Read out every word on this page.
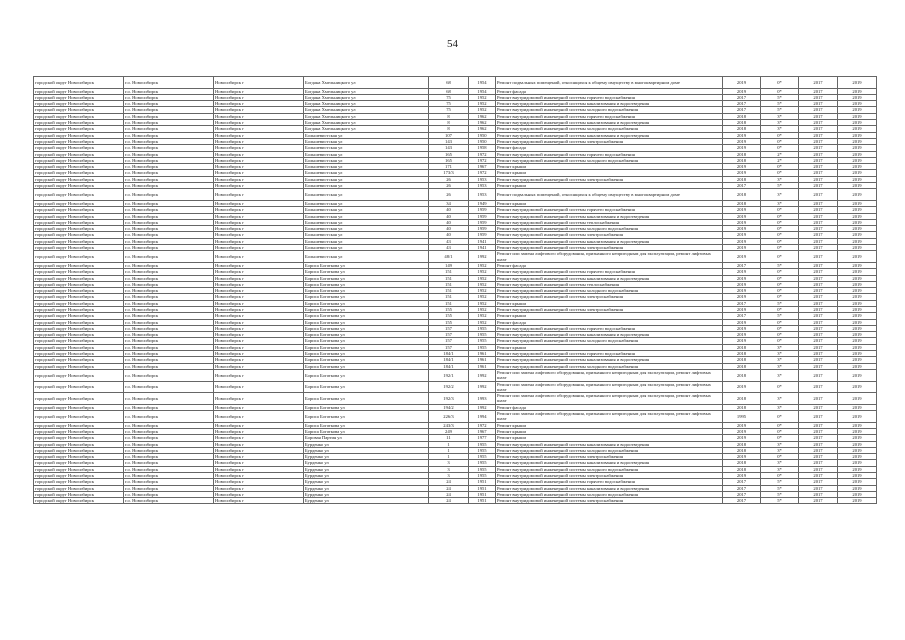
54
городской округ Новосибирск	г.о. Новосибирск	Новосибирск г	Богдана Хмельницкого ул	68	1954	Ремонт подвальных помещений, относящихся к общему имуществу в многоквартирном доме	2019	0*	2017	2019
городской округ Новосибирск	г.о. Новосибирск	Новосибирск г	Богдана Хмельницкого ул	68	1954	Ремонт фасада	2019	0*	2017	2019
городской округ Новосибирск	г.о. Новосибирск	Новосибирск г	Богдана Хмельницкого ул	75	1952	Ремонт внутридомовой инженерной системы горячего водоснабжения	2017	5*	2017	2019
городской округ Новосибирск	г.о. Новосибирск	Новосибирск г	Богдана Хмельницкого ул	75	1952	Ремонт внутридомовой инженерной системы канализования и водоотведения	2017	5*	2017	2019
городской округ Новосибирск	г.о. Новосибирск	Новосибирск г	Богдана Хмельницкого ул	75	1952	Ремонт внутридомовой инженерной системы холодного водоснабжения	2017	5*	2017	2019
городской округ Новосибирск	г.о. Новосибирск	Новосибирск г	Богдана Хмельницкого ул	8	1962	Ремонт внутридомовой инженерной системы горячего водоснабжения	2018	3*	2017	2019
городской округ Новосибирск	г.о. Новосибирск	Новосибирск г	Богдана Хмельницкого ул	8	1962	Ремонт внутридомовой инженерной системы канализования и водоотведения	2018	3*	2017	2019
городской округ Новосибирск	г.о. Новосибирск	Новосибирск г	Богдана Хмельницкого ул	8	1962	Ремонт внутридомовой инженерной системы холодного водоснабжения	2018	3*	2017	2019
городской округ Новосибирск	г.о. Новосибирск	Новосибирск г	Большевистская ул	107	1950	Ремонт внутридомовой инженерной системы канализования и водоотведения	2019	0*	2017	2019
городской округ Новосибирск	г.о. Новосибирск	Новосибирск г	Большевистская ул	143	1950	Ремонт внутридомовой инженерной системы электроснабжения	2019	0*	2017	2019
городской округ Новосибирск	г.о. Новосибирск	Новосибирск г	Большевистская ул	143	1958	Ремонт фасада	2019	0*	2017	2019
городской округ Новосибирск	г.о. Новосибирск	Новосибирск г	Большевистская ул	165	1972	Ремонт внутридомовой инженерной системы горячего водоснабжения	2018	2*	2017	2019
городской округ Новосибирск	г.о. Новосибирск	Новосибирск г	Большевистская ул	165	1972	Ремонт внутридомовой инженерной системы холодного водоснабжения	2018	2*	2017	2019
городской округ Новосибирск	г.о. Новосибирск	Новосибирск г	Большевистская ул	171	1967	Ремонт крыши	2019	0*	2017	2019
городской округ Новосибирск	г.о. Новосибирск	Новосибирск г	Большевистская ул	173/3	1972	Ремонт крыши	2019	0*	2017	2019
городской округ Новосибирск	г.о. Новосибирск	Новосибирск г	Большевистская ул	26	1953	Ремонт внутридомовой инженерной системы электроснабжения	2018	3*	2017	2019
городской округ Новосибирск	г.о. Новосибирск	Новосибирск г	Большевистская ул	26	1953	Ремонт крыши	2017	5*	2017	2019
городской округ Новосибирск	г.о. Новосибирск	Новосибирск г	Большевистская ул	26	1953	Ремонт подвальных помещений, относящихся к общему имуществу в многоквартирном доме	2018	3*	2017	2019
городской округ Новосибирск	г.о. Новосибирск	Новосибирск г	Большевистская ул	34	1949	Ремонт крыши	2018	3*	2017	2019
городской округ Новосибирск	г.о. Новосибирск	Новосибирск г	Большевистская ул	40	1959	Ремонт внутридомовой инженерной системы горячего водоснабжения	2019	0*	2017	2019
городской округ Новосибирск	г.о. Новосибирск	Новосибирск г	Большевистская ул	40	1959	Ремонт внутридомовой инженерной системы канализования и водоотведения	2019	0*	2017	2019
городской округ Новосибирск	г.о. Новосибирск	Новосибирск г	Большевистская ул	40	1959	Ремонт внутридомовой инженерной системы теплоснабжения	2019	0*	2017	2019
городской округ Новосибирск	г.о. Новосибирск	Новосибирск г	Большевистская ул	40	1959	Ремонт внутридомовой инженерной системы холодного водоснабжения	2019	0*	2017	2019
городской округ Новосибирск	г.о. Новосибирск	Новосибирск г	Большевистская ул	40	1959	Ремонт внутридомовой инженерной системы электроснабжения	2019	0*	2017	2019
городской округ Новосибирск	г.о. Новосибирск	Новосибирск г	Большевистская ул	43	1941	Ремонт внутридомовой инженерной системы канализования и водоотведения	2019	0*	2017	2019
городской округ Новосибирск	г.о. Новосибирск	Новосибирск г	Большевистская ул	43	1941	Ремонт внутридомовой инженерной системы электроснабжения	2019	0*	2017	2019
городской округ Новосибирск	г.о. Новосибирск	Новосибирск г	Большевистская ул	48/1	1992	Ремонт или замена лифтового оборудования, признанного непригодным для эксплуатации, ремонт лифтовых шахт	2019	0*	2017	2019
городской округ Новосибирск	г.о. Новосибирск	Новосибирск г	Бориса Богаткова ул	149	1952	Ремонт фасада	2017	5*	2017	2019
городской округ Новосибирск	г.о. Новосибирск	Новосибирск г	Бориса Богаткова ул	151	1952	Ремонт внутридомовой инженерной системы горячего водоснабжения	2019	0*	2017	2019
городской округ Новосибирск	г.о. Новосибирск	Новосибирск г	Бориса Богаткова ул	151	1952	Ремонт внутридомовой инженерной системы канализования и водоотведения	2019	0*	2017	2019
городской округ Новосибирск	г.о. Новосибирск	Новосибирск г	Бориса Богаткова ул	151	1952	Ремонт внутридомовой инженерной системы теплоснабжения	2019	0*	2017	2019
городской округ Новосибирск	г.о. Новосибирск	Новосибирск г	Бориса Богаткова ул	151	1952	Ремонт внутридомовой инженерной системы холодного водоснабжения	2019	0*	2017	2019
городской округ Новосибирск	г.о. Новосибирск	Новосибирск г	Бориса Богаткова ул	151	1952	Ремонт внутридомовой инженерной системы электроснабжения	2019	0*	2017	2019
городской округ Новосибирск	г.о. Новосибирск	Новосибирск г	Бориса Богаткова ул	151	1952	Ремонт крыши	2017	5*	2017	2019
городской округ Новосибирск	г.о. Новосибирск	Новосибирск г	Бориса Богаткова ул	155	1952	Ремонт внутридомовой инженерной системы электроснабжения	2019	0*	2017	2019
городской округ Новосибирск	г.о. Новосибирск	Новосибирск г	Бориса Богаткова ул	155	1952	Ремонт крыши	2017	5*	2017	2019
городской округ Новосибирск	г.о. Новосибирск	Новосибирск г	Бориса Богаткова ул	155	1952	Ремонт фасада	2019	0*	2017	2019
городской округ Новосибирск	г.о. Новосибирск	Новосибирск г	Бориса Богаткова ул	157	1955	Ремонт внутридомовой инженерной системы горячего водоснабжения	2019	0*	2017	2019
городской округ Новосибирск	г.о. Новосибирск	Новосибирск г	Бориса Богаткова ул	157	1955	Ремонт внутридомовой инженерной системы канализования и водоотведения	2019	0*	2017	2019
городской округ Новосибирск	г.о. Новосибирск	Новосибирск г	Бориса Богаткова ул	157	1955	Ремонт внутридомовой инженерной системы холодного водоснабжения	2019	0*	2017	2019
городской округ Новосибирск	г.о. Новосибирск	Новосибирск г	Бориса Богаткова ул	157	1955	Ремонт крыши	2018	3*	2017	2019
городской округ Новосибирск	г.о. Новосибирск	Новосибирск г	Бориса Богаткова ул	184/1	1961	Ремонт внутридомовой инженерной системы горячего водоснабжения	2018	3*	2017	2019
городской округ Новосибирск	г.о. Новосибирск	Новосибирск г	Бориса Богаткова ул	184/1	1961	Ремонт внутридомовой инженерной системы канализования и водоотведения	2018	3*	2017	2019
городской округ Новосибирск	г.о. Новосибирск	Новосибирск г	Бориса Богаткова ул	184/1	1961	Ремонт внутридомовой инженерной системы холодного водоснабжения	2018	3*	2017	2019
городской округ Новосибирск	г.о. Новосибирск	Новосибирск г	Бориса Богаткова ул	192/1	1992	Ремонт или замена лифтового оборудования, признанного непригодным для эксплуатации, ремонт лифтовых шахт	2018	3*	2017	2019
городской округ Новосибирск	г.о. Новосибирск	Новосибирск г	Бориса Богаткова ул	192/2	1992	Ремонт или замена лифтового оборудования, признанного непригодным для эксплуатации, ремонт лифтовых шахт	2019	0*	2017	2019
городской округ Новосибирск	г.о. Новосибирск	Новосибирск г	Бориса Богаткова ул	192/3	1993	Ремонт или замена лифтового оборудования, признанного непригодным для эксплуатации, ремонт лифтовых шахт	2018	3*	2017	2019
городской округ Новосибирск	г.о. Новосибирск	Новосибирск г	Бориса Богаткова ул	194/2	1992	Ремонт фасада	2018	3*	2017	2019
городской округ Новосибирск	г.о. Новосибирск	Новосибирск г	Бориса Богаткова ул	226/3	1994	Ремонт или замена лифтового оборудования, признанного непригодным для эксплуатации, ремонт лифтовых шахт	1995	0*	2017	2019
городской округ Новосибирск	г.о. Новосибирск	Новосибирск г	Бориса Богаткова ул	243/3	1972	Ремонт крыши	2019	0*	2017	2019
городской округ Новосибирск	г.о. Новосибирск	Новосибирск г	Бориса Богаткова ул	249	1967	Ремонт крыши	2019	0*	2017	2019
городской округ Новосибирск	г.о. Новосибирск	Новосибирск г	Боровая Партия ул	11	1977	Ремонт крыши	2019	0*	2017	2019
городской округ Новосибирск	г.о. Новосибирск	Новосибирск г	Бурденко ул	1	1955	Ремонт внутридомовой инженерной системы канализования и водоотведения	2018	3*	2017	2019
городской округ Новосибирск	г.о. Новосибирск	Новосибирск г	Бурденко ул	1	1955	Ремонт внутридомовой инженерной системы холодного водоснабжения	2018	3*	2017	2019
городской округ Новосибирск	г.о. Новосибирск	Новосибирск г	Бурденко ул	1	1955	Ремонт внутридомовой инженерной системы электроснабжения	2019	0*	2017	2019
городской округ Новосибирск	г.о. Новосибирск	Новосибирск г	Бурденко ул	3	1955	Ремонт внутридомовой инженерной системы канализования и водоотведения	2018	3*	2017	2019
городской округ Новосибирск	г.о. Новосибирск	Новосибирск г	Бурденко ул	3	1955	Ремонт внутридомовой инженерной системы холодного водоснабжения	2018	3*	2017	2019
городской округ Новосибирск	г.о. Новосибирск	Новосибирск г	Бурденко ул	3	1955	Ремонт внутридомовой инженерной системы электроснабжения	2019	0*	2017	2019
городской округ Новосибирск	г.о. Новосибирск	Новосибирск г	Бурденко ул	24	1951	Ремонт внутридомовой инженерной системы горячего водоснабжения	2017	5*	2017	2019
городской округ Новосибирск	г.о. Новосибирск	Новосибирск г	Бурденко ул	24	1951	Ремонт внутридомовой инженерной системы канализования и водоотведения	2017	5*	2017	2019
городской округ Новосибирск	г.о. Новосибирск	Новосибирск г	Бурденко ул	24	1951	Ремонт внутридомовой инженерной системы холодного водоснабжения	2017	5*	2017	2019
городской округ Новосибирск	г.о. Новосибирск	Новосибирск г	Бурденко ул	24	1951	Ремонт внутридомовой инженерной системы электроснабжения	2017	5*	2017	2019
